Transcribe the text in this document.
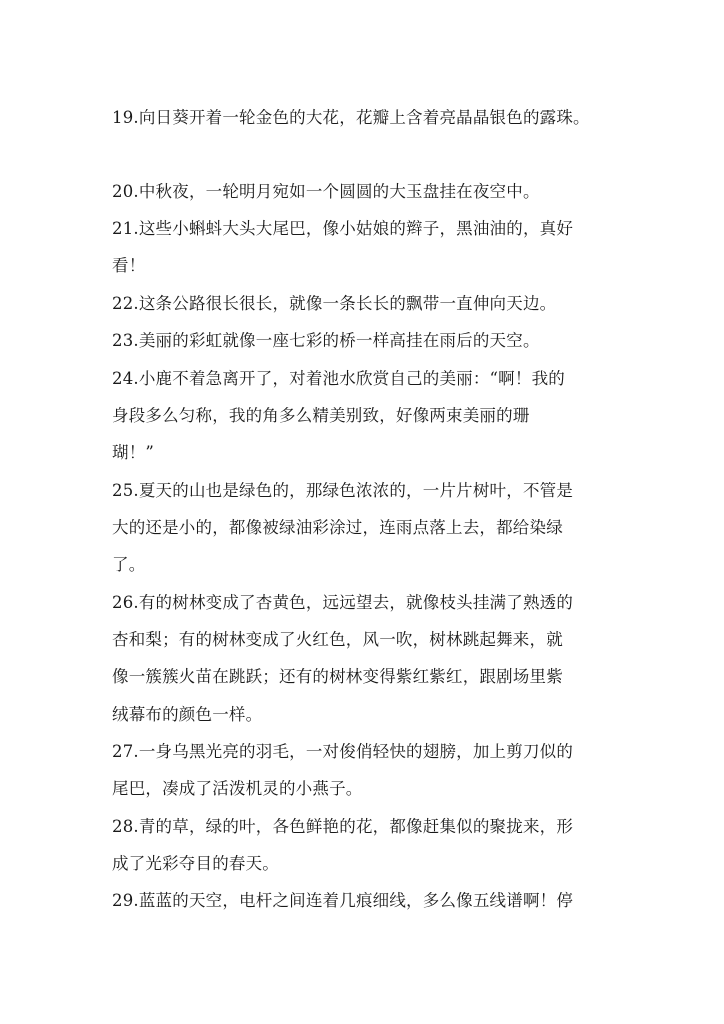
19.向日葵开着一轮金色的大花，花瓣上含着亮晶晶银色的露珠。
20.中秋夜，一轮明月宛如一个圆圆的大玉盘挂在夜空中。
21.这些小蝌蚪大头大尾巴，像小姑娘的辫子，黑油油的，真好
看！
22.这条公路很长很长，就像一条长长的飘带一直伸向天边。
23.美丽的彩虹就像一座七彩的桥一样高挂在雨后的天空。
24.小鹿不着急离开了，对着池水欣赏自己的美丽：“啊！我的
身段多么匀称，我的角多么精美别致，好像两束美丽的珊
瑚！”
25.夏天的山也是绿色的，那绿色浓浓的，一片片树叶，不管是
大的还是小的，都像被绿油彩涂过，连雨点落上去，都给染绿
了。
26.有的树林变成了杏黄色，远远望去，就像枝头挂满了熟透的
杏和梨；有的树林变成了火红色，风一吹，树林跳起舞来，就
像一簇簇火苗在跳跃；还有的树林变得紫红紫红，跟剧场里紫
绒幕布的颜色一样。
27.一身乌黑光亮的羽毛，一对俊俏轻快的翅膀，加上剪刀似的
尾巴，凑成了活泼机灵的小燕子。
28.青的草，绿的叶，各色鲜艳的花，都像赶集似的聚拢来，形
成了光彩夺目的春天。
29.蓝蓝的天空，电杆之间连着几痕细线，多么像五线谱啊！停
